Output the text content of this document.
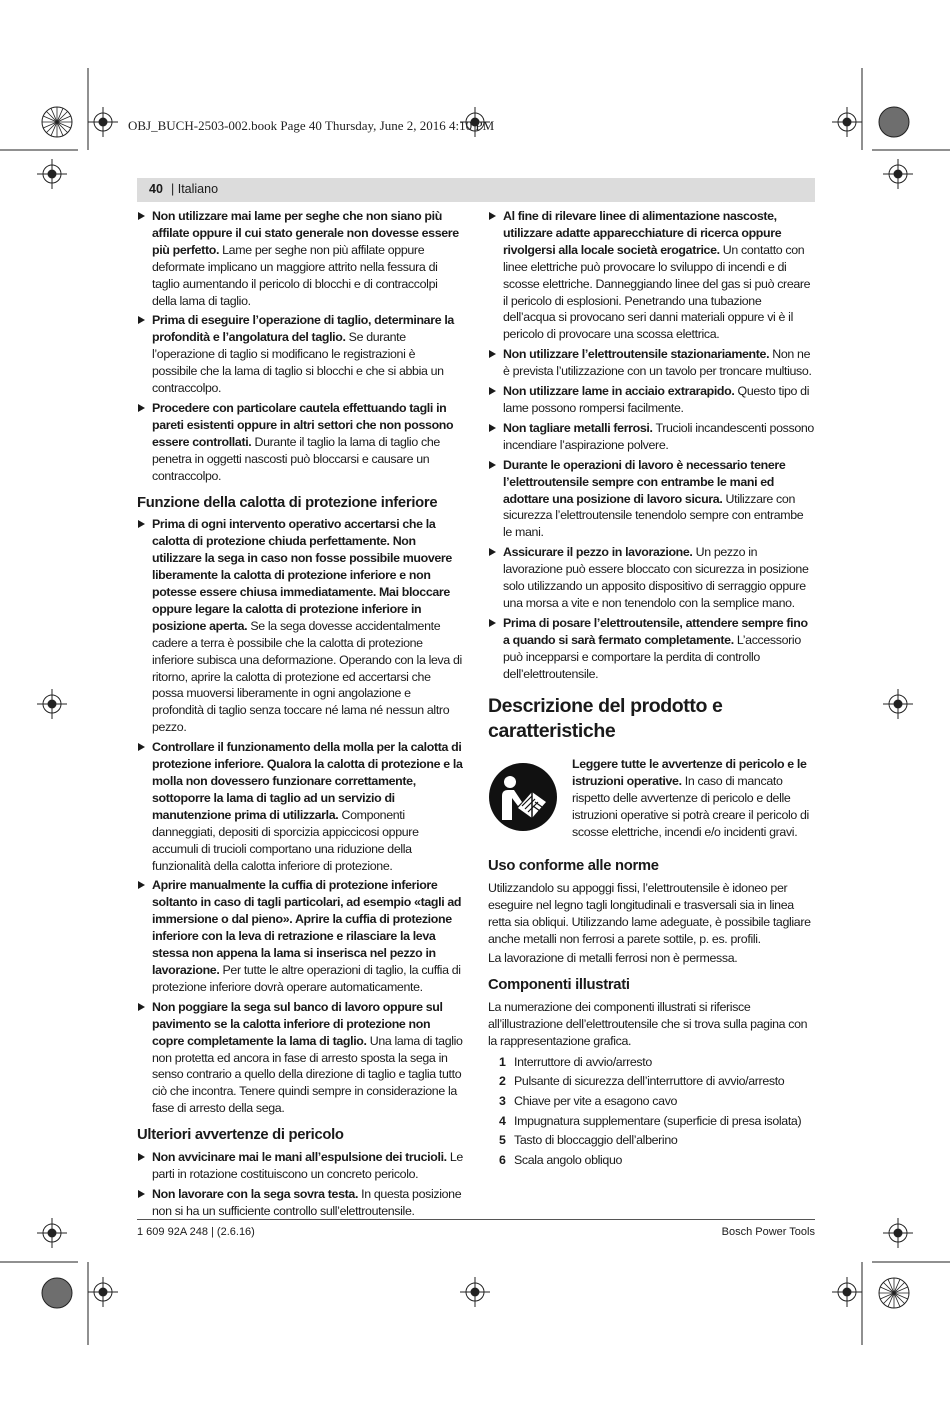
OBJ_BUCH-2503-002.book Page 40 Thursday, June 2, 2016 4:10 PM
40 | Italiano
Non utilizzare mai lame per seghe che non siano più affilate oppure il cui stato generale non dovesse essere più perfetto. Lame per seghe non più affilate oppure deformate implicano un maggiore attrito nella fessura di taglio aumentando il pericolo di blocchi e di contraccolpi della lama di taglio.
Prima di eseguire l’operazione di taglio, determinare la profondità e l’angolatura del taglio. Se durante l’operazione di taglio si modificano le registrazioni è possibile che la lama di taglio si blocchi e che si abbia un contraccolpo.
Procedere con particolare cautela effettuando tagli in pareti esistenti oppure in altri settori che non possono essere controllati. Durante il taglio la lama di taglio che penetra in oggetti nascosti può bloccarsi e causare un contraccolpo.
Funzione della calotta di protezione inferiore
Prima di ogni intervento operativo accertarsi che la calotta di protezione chiuda perfettamente. Non utilizzare la sega in caso non fosse possibile muovere liberamente la calotta di protezione inferiore e non potesse essere chiusa immediatamente. Mai bloccare oppure legare la calotta di protezione inferiore in posizione aperta. Se la sega dovesse accidentalmente cadere a terra è possibile che la calotta di protezione inferiore subisca una deformazione. Operando con la leva di ritorno, aprire la calotta di protezione ed accertarsi che possa muoversi liberamente in ogni angolazione e profondità di taglio senza toccare né lama né nessun altro pezzo.
Controllare il funzionamento della molla per la calotta di protezione inferiore. Qualora la calotta di protezione e la molla non dovessero funzionare correttamente, sottoporre la lama di taglio ad un servizio di manutenzione prima di utilizzarla. Componenti danneggiati, depositi di sporcizia appiccicosi oppure accumuli di trucioli comportano una riduzione della funzionalità della calotta inferiore di protezione.
Aprire manualmente la cuffia di protezione inferiore soltanto in caso di tagli particolari, ad esempio «tagli ad immersione o dal pieno». Aprire la cuffia di protezione inferiore con la leva di retrazione e rilasciare la leva stessa non appena la lama si inserisca nel pezzo in lavorazione. Per tutte le altre operazioni di taglio, la cuffia di protezione inferiore dovrà operare automaticamente.
Non poggiare la sega sul banco di lavoro oppure sul pavimento se la calotta inferiore di protezione non copre completamente la lama di taglio. Una lama di taglio non protetta ed ancora in fase di arresto sposta la sega in senso contrario a quello della direzione di taglio e taglia tutto ciò che incontra. Tenere quindi sempre in considerazione la fase di arresto della sega.
Ulteriori avvertenze di pericolo
Non avvicinare mai le mani all’espulsione dei trucioli. Le parti in rotazione costituiscono un concreto pericolo.
Non lavorare con la sega sovra testa. In questa posizione non si ha un sufficiente controllo sull’elettroutensile.
Al fine di rilevare linee di alimentazione nascoste, utilizzare adatte apparecchiature di ricerca oppure rivolgersi alla locale società erogatrice. Un contatto con linee elettriche può provocare lo sviluppo di incendi e di scosse elettriche. Danneggiando linee del gas si può creare il pericolo di esplosioni. Penetrando una tubazione dell’acqua si provocano seri danni materiali oppure vi è il pericolo di provocare una scossa elettrica.
Non utilizzare l’elettroutensile stazionariamente. Non ne è prevista l’utilizzazione con un tavolo per troncare multiuso.
Non utilizzare lame in acciaio extrarapido. Questo tipo di lame possono rompersi facilmente.
Non tagliare metalli ferrosi. Trucioli incandescenti possono incendiare l’aspirazione polvere.
Durante le operazioni di lavoro è necessario tenere l’elettroutensile sempre con entrambe le mani ed adottare una posizione di lavoro sicura. Utilizzare con sicurezza l’elettroutensile tenendolo sempre con entrambe le mani.
Assicurare il pezzo in lavorazione. Un pezzo in lavorazione può essere bloccato con sicurezza in posizione solo utilizzando un apposito dispositivo di serraggio oppure una morsa a vite e non tenendolo con la semplice mano.
Prima di posare l’elettroutensile, attendere sempre fino a quando si sarà fermato completamente. L’accessorio può incepparsi e comportare la perdita di controllo dell’elettroutensile.
Descrizione del prodotto e caratteristiche
Leggere tutte le avvertenze di pericolo e le istruzioni operative. In caso di mancato rispetto delle avvertenze di pericolo e delle istruzioni operative si potrà creare il pericolo di scosse elettriche, incendi e/o incidenti gravi.
Uso conforme alle norme
Utilizzandolo su appoggi fissi, l’elettroutensile è idoneo per eseguire nel legno tagli longitudinali e trasversali sia in linea retta sia obliqui. Utilizzando lame adeguate, è possibile tagliare anche metalli non ferrosi a parete sottile, p. es. profili.
La lavorazione di metalli ferrosi non è permessa.
Componenti illustrati
La numerazione dei componenti illustrati si riferisce all’illustrazione dell’elettroutensile che si trova sulla pagina con la rappresentazione grafica.
1 Interruttore di avvio/arresto
2 Pulsante di sicurezza dell’interruttore di avvio/arresto
3 Chiave per vite a esagono cavo
4 Impugnatura supplementare (superficie di presa isolata)
5 Tasto di bloccaggio dell’alberino
6 Scala angolo obliquo
1 609 92A 248 | (2.6.16)	Bosch Power Tools
